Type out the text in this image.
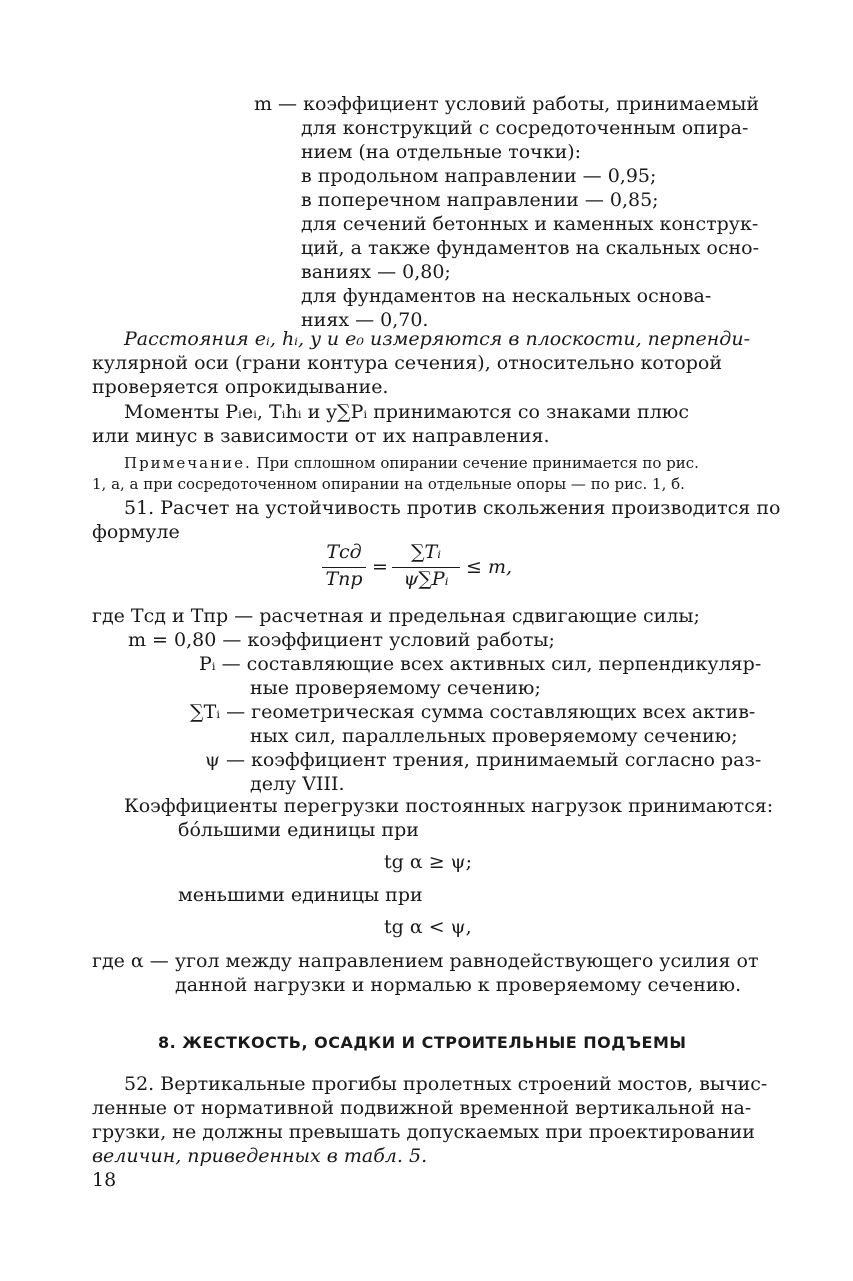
m — коэффициент условий работы, принимаемый
для конструкций с сосредоточенным опира-
нием (на отдельные точки):
в продольном направлении — 0,95;
в поперечном направлении — 0,85;
для сечений бетонных и каменных конструк-
ций, а также фундаментов на скальных осно-
ваниях — 0,80;
для фундаментов на нескальных основа-
ниях — 0,70.
Расстояния eᵢ, hᵢ, y и e₀ измеряются в плоскости, перпенди-
кулярной оси (грани контура сечения), относительно которой
проверяется опрокидывание.
Моменты Pᵢeᵢ, Tᵢhᵢ и y∑Pᵢ принимаются со знаками плюс
или минус в зависимости от их направления.
Примечание. При сплошном опирании сечение принимается по рис.
1, а, а при сосредоточенном опирании на отдельные опоры — по рис. 1, б.
51. Расчет на устойчивость против скольжения производится по
формуле
Tсд
Tпр
=
∑Tᵢ
ψ∑Pᵢ
≤ m,
где Tсд и Tпр — расчетная и предельная сдвигающие силы;
m = 0,80 — коэффициент условий работы;
Pᵢ — составляющие всех активных сил, перпендикуляр-
ные проверяемому сечению;
∑Tᵢ — геометрическая сумма составляющих всех актив-
ных сил, параллельных проверяемому сечению;
ψ — коэффициент трения, принимаемый согласно раз-
делу VIII.
Коэффициенты перегрузки постоянных нагрузок принимаются:
бóльшими единицы при
tg α ≥ ψ;
меньшими единицы при
tg α < ψ,
где α — угол между направлением равнодействующего усилия от
данной нагрузки и нормалью к проверяемому сечению.
8. ЖЕСТКОСТЬ, ОСАДКИ И СТРОИТЕЛЬНЫЕ ПОДЪЕМЫ
52. Вертикальные прогибы пролетных строений мостов, вычис-
ленные от нормативной подвижной временной вертикальной на-
грузки, не должны превышать допускаемых при проектировании
величин, приведенных в табл. 5.
18
